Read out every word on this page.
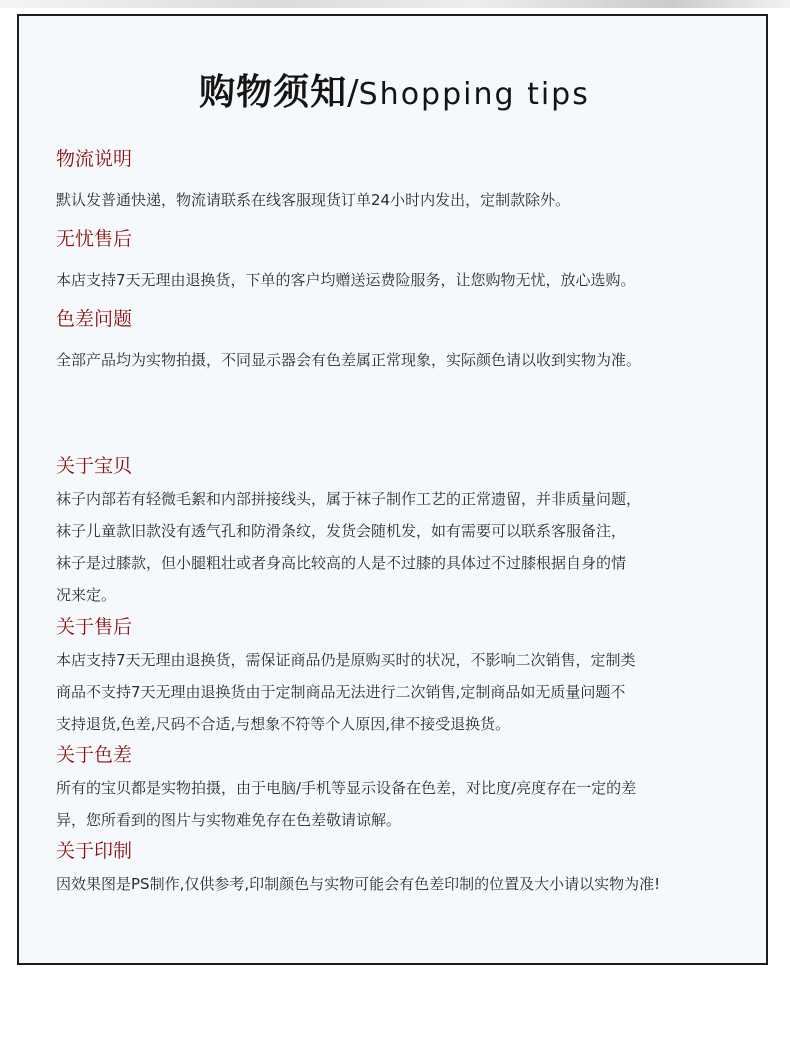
购物须知/Shopping tips
物流说明
默认发普通快递，物流请联系在线客服现货订单24小时内发出，定制款除外。
无忧售后
本店支持7天无理由退换货，下单的客户均赠送运费险服务，让您购物无忧，放心选购。
色差问题
全部产品均为实物拍摄，不同显示器会有色差属正常现象，实际颜色请以收到实物为准。
关于宝贝
袜子内部若有轻微毛絮和内部拼接线头，属于袜子制作工艺的正常遗留，并非质量问题，
袜子儿童款旧款没有透气孔和防滑条纹，发货会随机发，如有需要可以联系客服备注，
袜子是过膝款，但小腿粗壮或者身高比较高的人是不过膝的具体过不过膝根据自身的情
况来定。
关于售后
本店支持7天无理由退换货，需保证商品仍是原购买时的状况，不影响二次销售，定制类
商品不支持7天无理由退换货由于定制商品无法进行二次销售,定制商品如无质量问题不
支持退货,色差,尺码不合适,与想象不符等个人原因,律不接受退换货。
关于色差
所有的宝贝都是实物拍摄，由于电脑/手机等显示设备在色差，对比度/亮度存在一定的差
异，您所看到的图片与实物难免存在色差敬请谅解。
关于印制
因效果图是PS制作,仅供参考,印制颜色与实物可能会有色差印制的位置及大小请以实物为准!
